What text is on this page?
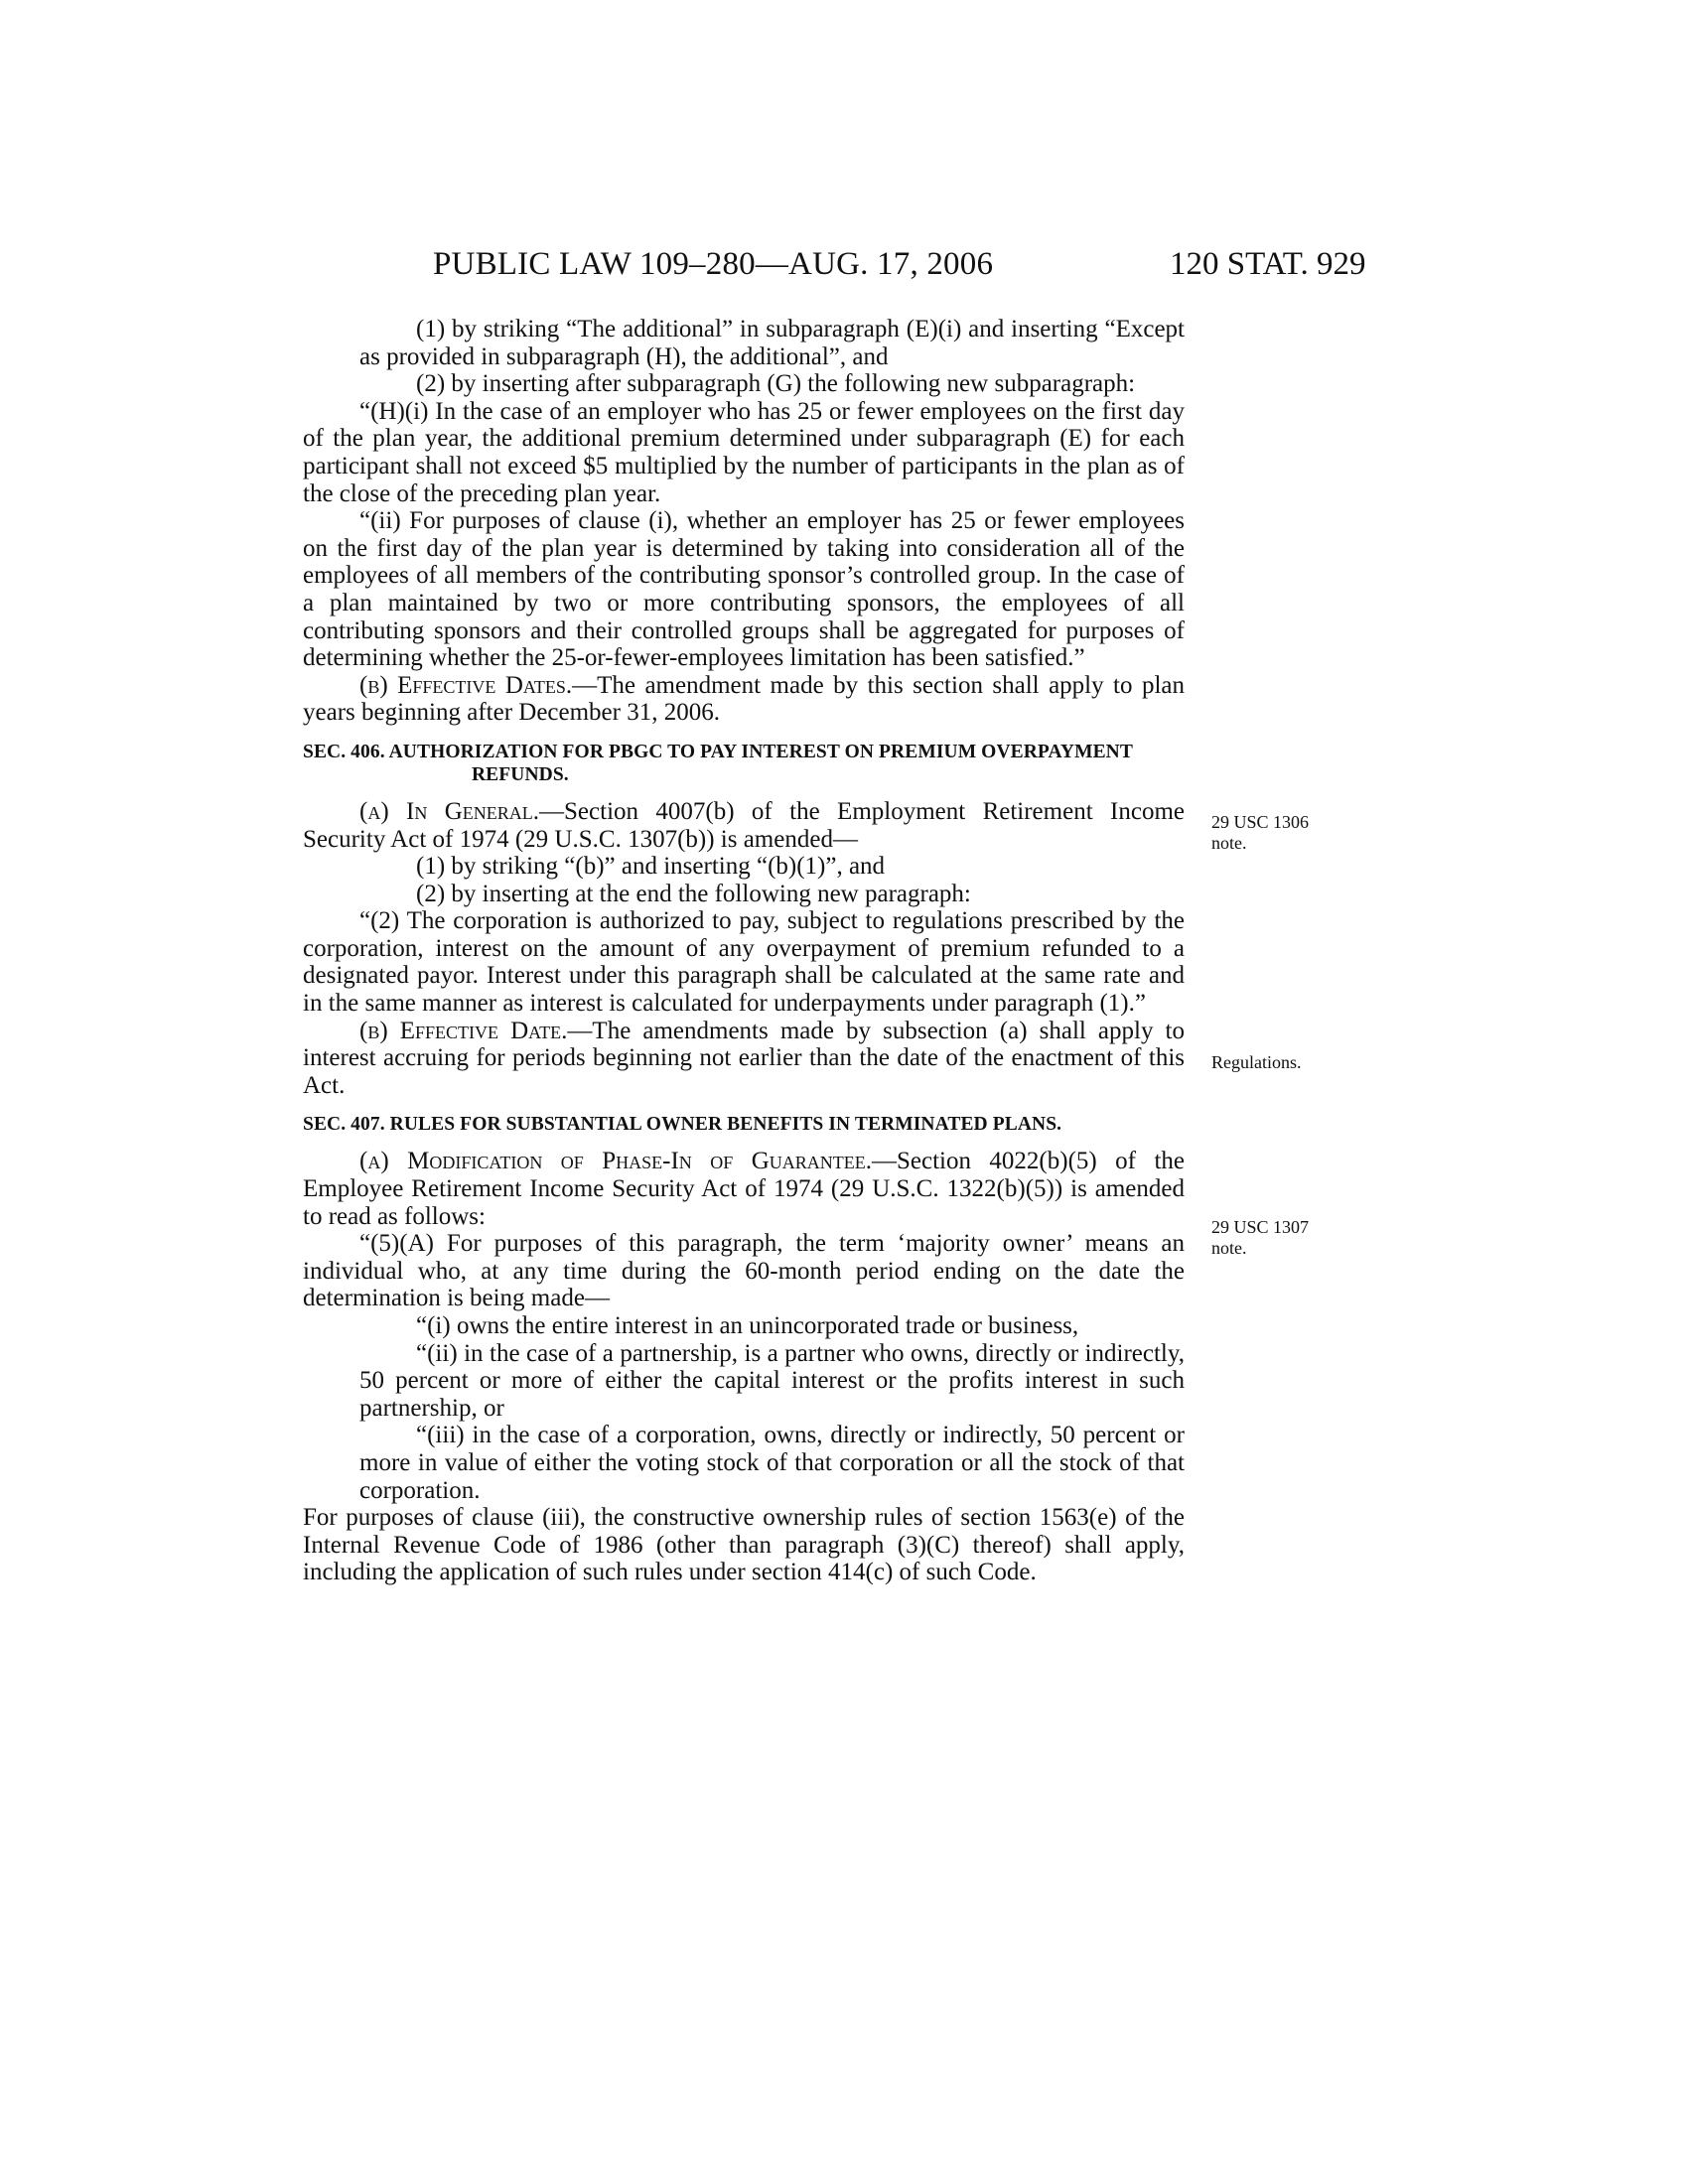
PUBLIC LAW 109–280—AUG. 17, 2006	120 STAT. 929

(1) by striking “The additional” in subparagraph (E)(i) and inserting “Except as provided in subparagraph (H), the additional”, and

(2) by inserting after subparagraph (G) the following new subparagraph:

“(H)(i) In the case of an employer who has 25 or fewer employees on the first day of the plan year, the additional premium determined under subparagraph (E) for each participant shall not exceed $5 multiplied by the number of participants in the plan as of the close of the preceding plan year.

“(ii) For purposes of clause (i), whether an employer has 25 or fewer employees on the first day of the plan year is determined by taking into consideration all of the employees of all members of the contributing sponsor’s controlled group. In the case of a plan maintained by two or more contributing sponsors, the employees of all contributing sponsors and their controlled groups shall be aggregated for purposes of determining whether the 25-or-fewer-employees limitation has been satisfied.”

(b) Effective Dates.—The amendment made by this section shall apply to plan years beginning after December 31, 2006.

SEC. 406. AUTHORIZATION FOR PBGC TO PAY INTEREST ON PREMIUM OVERPAYMENT REFUNDS.

(a) In General.—Section 4007(b) of the Employment Retirement Income Security Act of 1974 (29 U.S.C. 1307(b)) is amended—

(1) by striking “(b)” and inserting “(b)(1)”, and

(2) by inserting at the end the following new paragraph:

“(2) The corporation is authorized to pay, subject to regulations prescribed by the corporation, interest on the amount of any overpayment of premium refunded to a designated payor. Interest under this paragraph shall be calculated at the same rate and in the same manner as interest is calculated for underpayments under paragraph (1).”

(b) Effective Date.—The amendments made by subsection (a) shall apply to interest accruing for periods beginning not earlier than the date of the enactment of this Act.

SEC. 407. RULES FOR SUBSTANTIAL OWNER BENEFITS IN TERMINATED PLANS.

(a) Modification of Phase-In of Guarantee.—Section 4022(b)(5) of the Employee Retirement Income Security Act of 1974 (29 U.S.C. 1322(b)(5)) is amended to read as follows:

“(5)(A) For purposes of this paragraph, the term ‘majority owner’ means an individual who, at any time during the 60-month period ending on the date the determination is being made—

“(i) owns the entire interest in an unincorporated trade or business,

“(ii) in the case of a partnership, is a partner who owns, directly or indirectly, 50 percent or more of either the capital interest or the profits interest in such partnership, or

“(iii) in the case of a corporation, owns, directly or indirectly, 50 percent or more in value of either the voting stock of that corporation or all the stock of that corporation.

For purposes of clause (iii), the constructive ownership rules of section 1563(e) of the Internal Revenue Code of 1986 (other than paragraph (3)(C) thereof) shall apply, including the application of such rules under section 414(c) of such Code.

29 USC 1306
note.
Regulations.
29 USC 1307
note.
